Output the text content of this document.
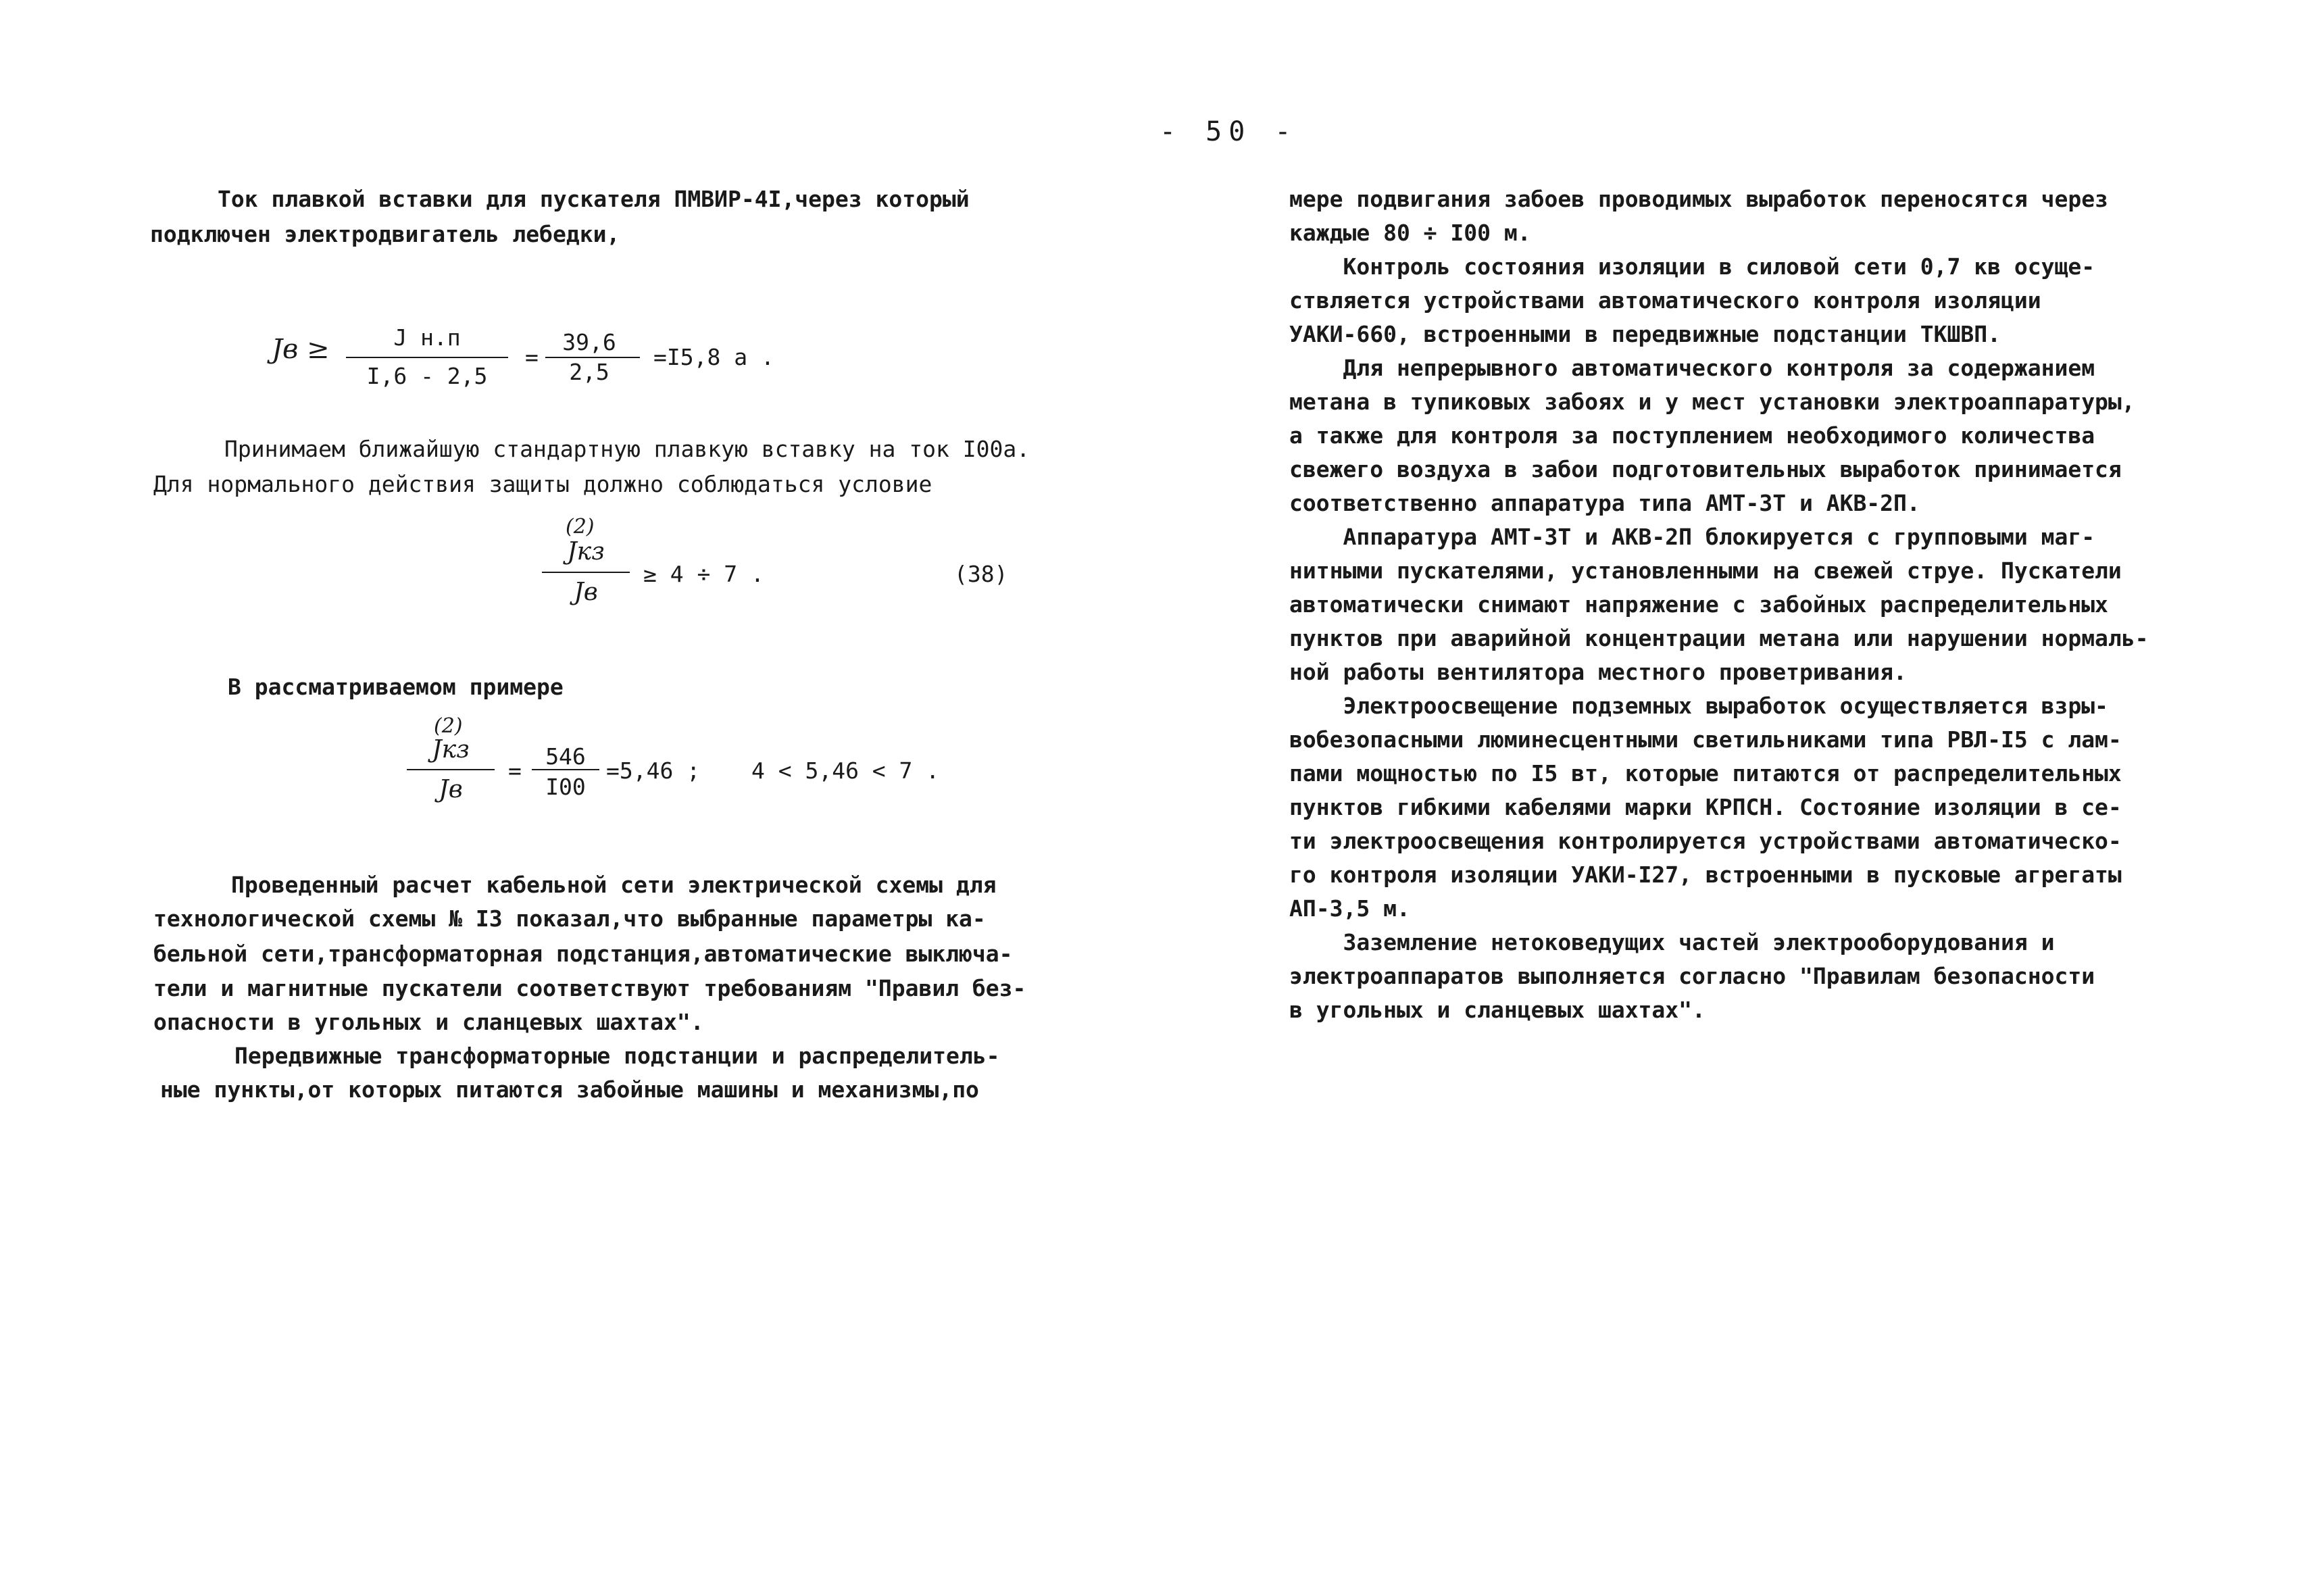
- 50 -
Ток плавкой вставки для пускателя ПМВИР-4I,через который
подключен электродвигатель лебедки,
Jв ≥	J н.п
I,6 - 2,5
=
39,6
2,5
=I5,8 а .
Принимаем ближайшую стандартную плавкую вставку на ток I00а.
Для нормального действия защиты должно соблюдаться условие
(2)
Jкз
Jв
≥ 4 ÷ 7 .	(38)
В рассматриваемом примере
(2)
Jкз
Jв
=
546
I00
=5,46 ; 4 < 5,46 < 7 .
Проведенный расчет кабельной сети электрической схемы для
технологической схемы № I3 показал,что выбранные параметры ка-
бельной сети,трансформаторная подстанция,автоматические выключа-
тели и магнитные пускатели соответствуют требованиям "Правил без-
опасности в угольных и сланцевых шахтах".
Передвижные трансформаторные подстанции и распределитель-
ные пункты,от которых питаются забойные машины и механизмы,по
мере подвигания забоев проводимых выработок переносятся через
каждые 80 ÷ I00 м.
Контроль состояния изоляции в силовой сети 0,7 кв осуще-
ствляется устройствами автоматического контроля изоляции
УАКИ-660, встроенными в передвижные подстанции ТКШВП.
Для непрерывного автоматического контроля за содержанием
метана в тупиковых забоях и у мест установки электроаппаратуры,
а также для контроля за поступлением необходимого количества
свежего воздуха в забои подготовительных выработок принимается
соответственно аппаратура типа АМТ-3Т и АКВ-2П.
Аппаратура АМТ-3Т и АКВ-2П блокируется с групповыми маг-
нитными пускателями, установленными на свежей струе. Пускатели
автоматически снимают напряжение с забойных распределительных
пунктов при аварийной концентрации метана или нарушении нормаль-
ной работы вентилятора местного проветривания.
Электроосвещение подземных выработок осуществляется взры-
вобезопасными люминесцентными светильниками типа РВЛ-I5 с лам-
пами мощностью по I5 вт, которые питаются от распределительных
пунктов гибкими кабелями марки КРПСН. Состояние изоляции в се-
ти электроосвещения контролируется устройствами автоматическо-
го контроля изоляции УАКИ-I27, встроенными в пусковые агрегаты
АП-3,5 м.
Заземление нетоковедущих частей электрооборудования и
электроаппаратов выполняется согласно "Правилам безопасности
в угольных и сланцевых шахтах".
